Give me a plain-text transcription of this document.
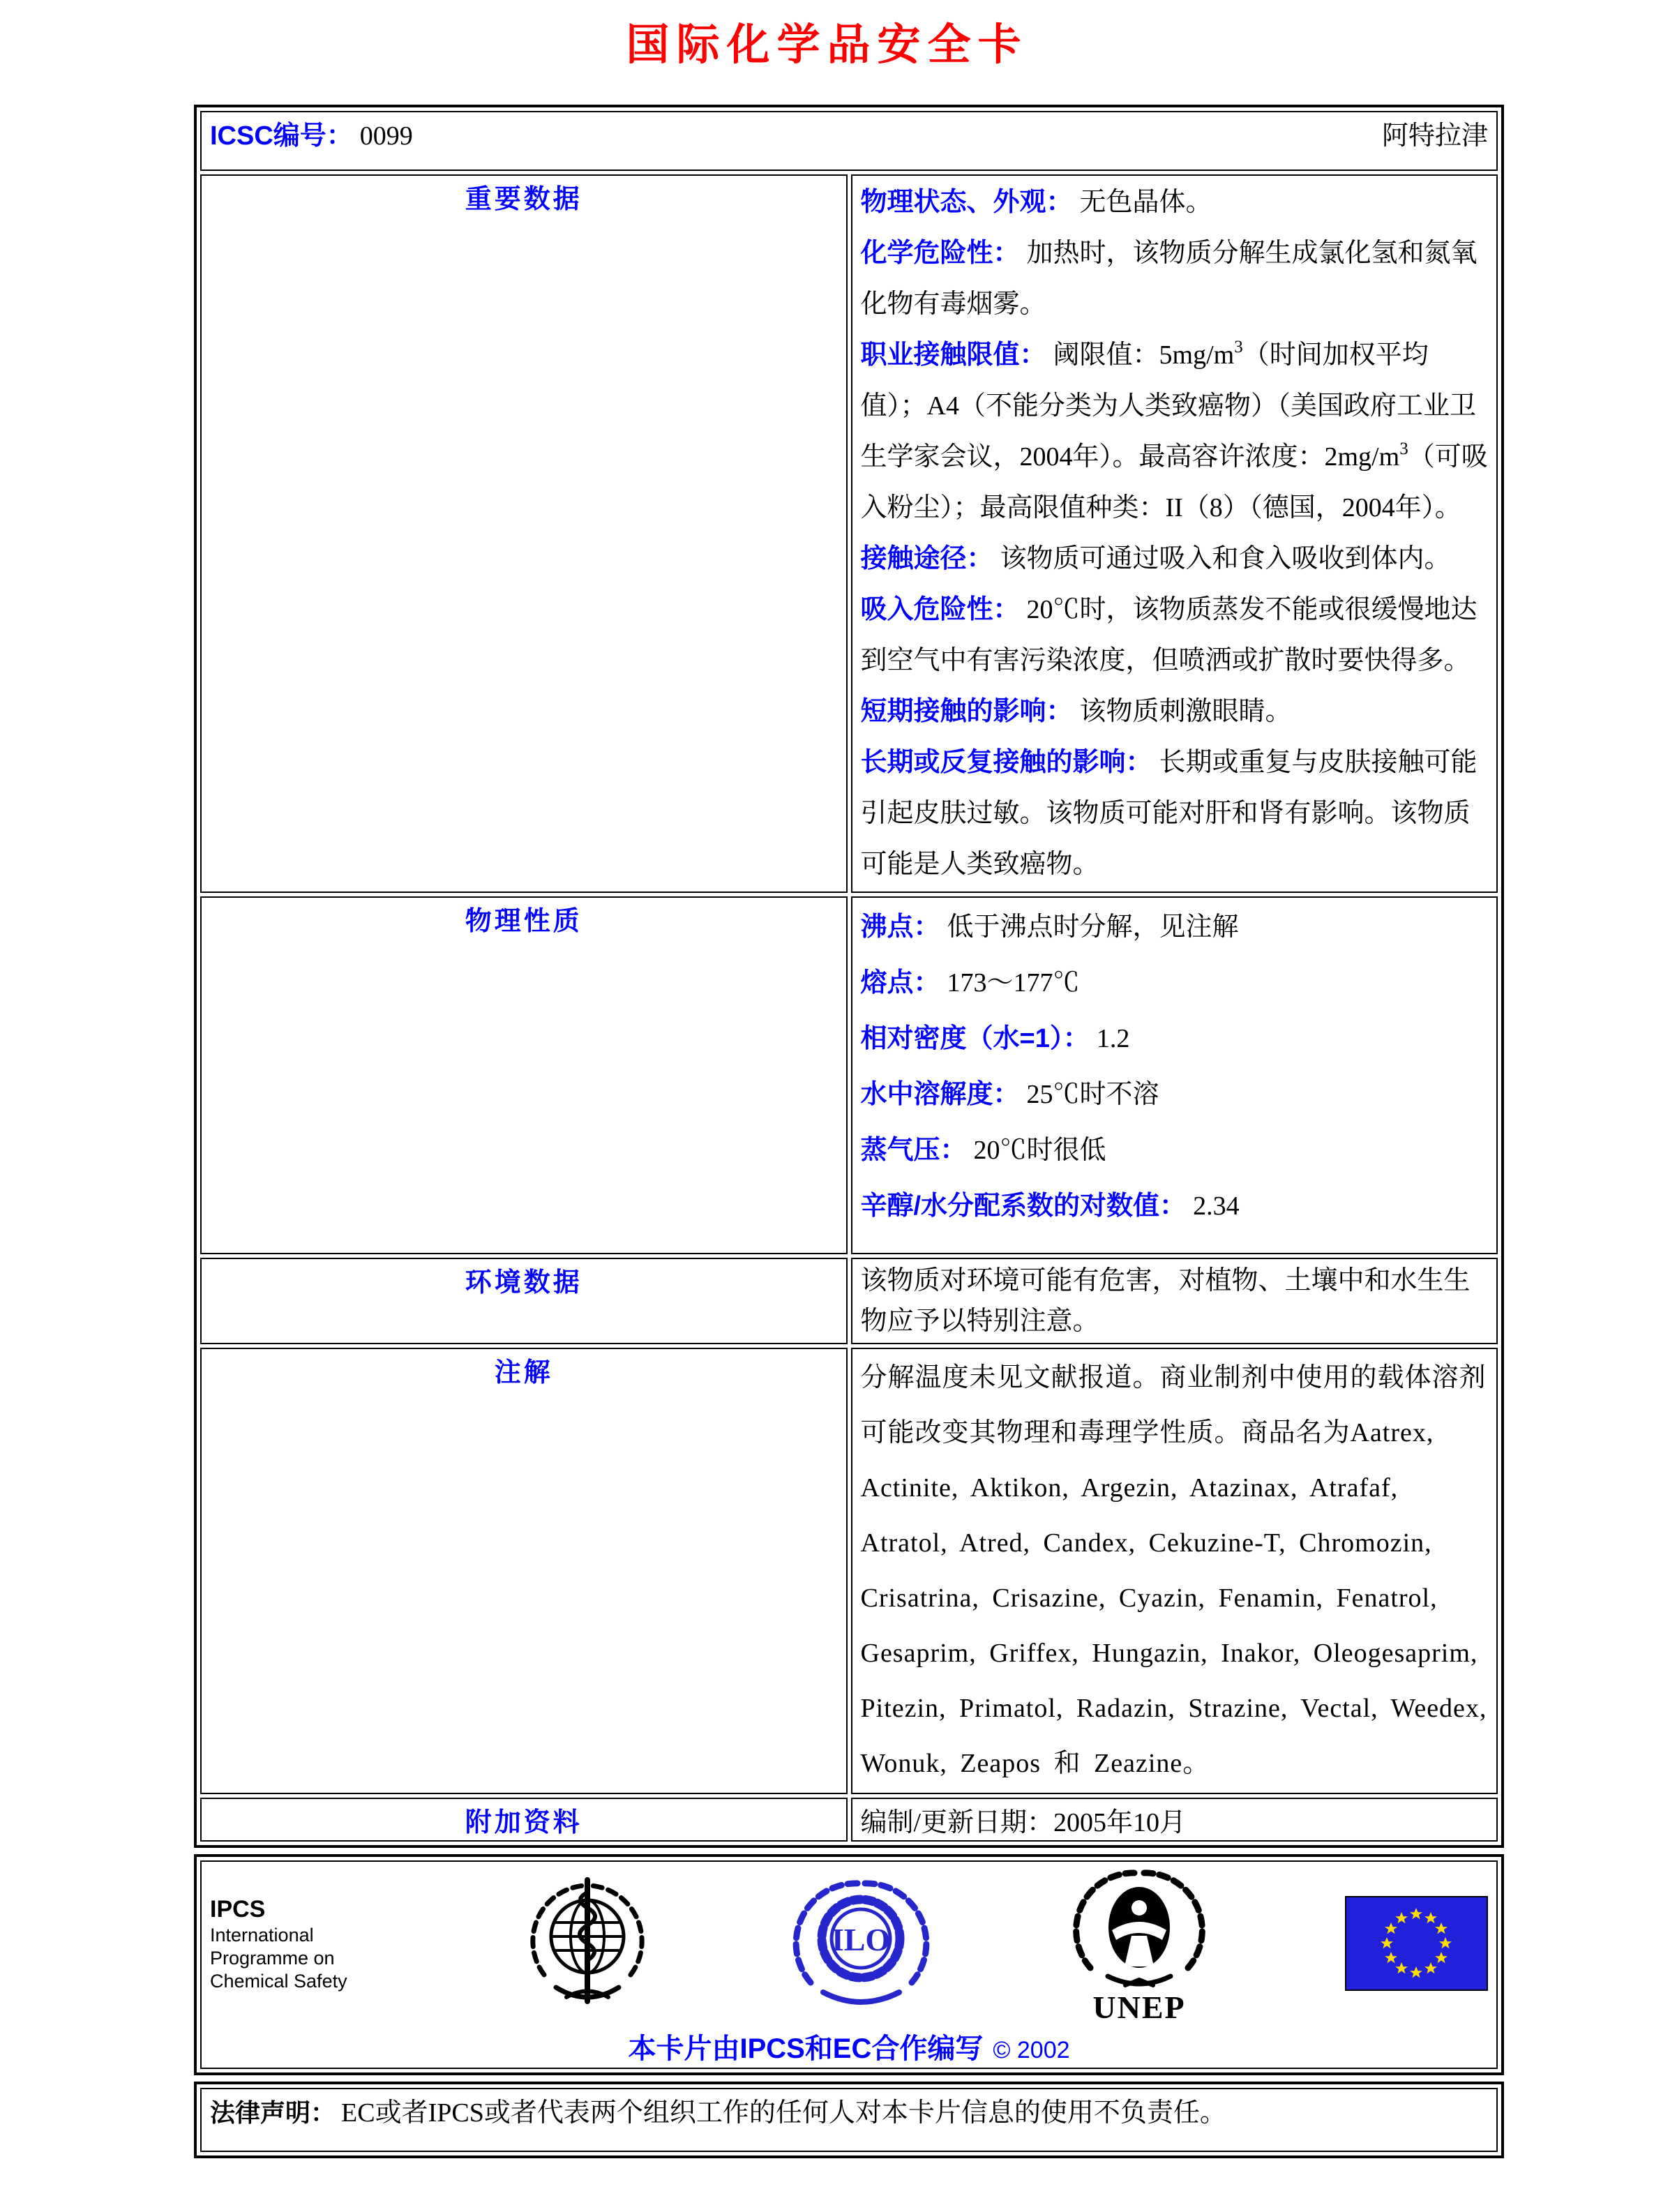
国际化学品安全卡
ICSC编号： 0099 阿特拉津	

重要数据	物理状态、外观： 无色晶体。
化学危险性： 加热时，该物质分解生成氯化氢和氮氧化物有毒烟雾。
职业接触限值： 阈限值：$5mg/m^3$（时间加权平均值）；A4（不能分类为人类致癌物）（美国政府工业卫生学家会议，2004年）。最高容许浓度：$2mg/m^3$（可吸入粉尘）；最高限值种类：II（8）（德国，2004年）。
接触途径： 该物质可通过吸入和食入吸收到体内。
吸入危险性： 20℃时，该物质蒸发不能或很缓慢地达到空气中有害污染浓度，但喷洒或扩散时要快得多。
短期接触的影响： 该物质刺激眼睛。
长期或反复接触的影响： 长期或重复与皮肤接触可能引起皮肤过敏。该物质可能对肝和肾有影响。该物质可能是人类致癌物。

物理性质	沸点： 低于沸点时分解，见注解
熔点： 173～177℃
相对密度（水=1）： 1.2
水中溶解度： 25℃时不溶
蒸气压： 20℃时很低
辛醇/水分配系数的对数值： 2.34

环境数据	该物质对环境可能有危害，对植物、土壤中和水生生物应予以特别注意。
注解	分解温度未见文献报道。商业制剂中使用的载体溶剂可能改变其物理和毒理学性质。商品名为Aatrex, Actinite, Aktikon, Argezin, Atazinax, Atrafaf, Atratol, Atred, Candex, Cekuzine-T, Chromozin, Crisatrina, Crisazine, Cyazin, Fenamin, Fenatrol, Gesaprim, Griffex, Hungazin, Inakor, Oleogesaprim, Pitezin, Primatol, Radazin, Strazine, Vectal, Weedex, Wonuk, Zeapos 和 Zeazine。
附加资料	编制/更新日期：2005年10月
IPCS
International
Programme on
Chemical Safety
ILO
UNEP
本卡片由IPCS和EC合作编写 © 2002
法律声明： EC或者IPCS或者代表两个组织工作的任何人对本卡片信息的使用不负责任。
